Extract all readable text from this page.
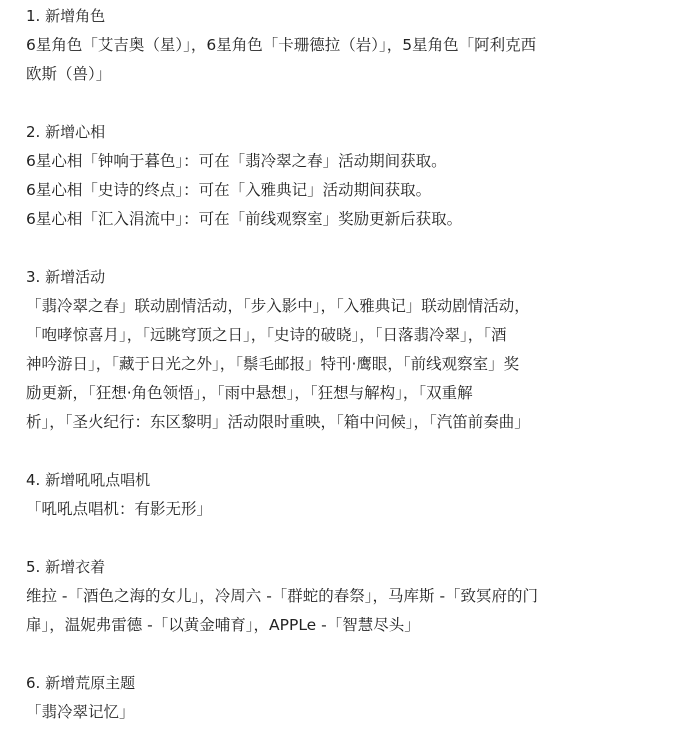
1. 新增角色
6星角色「艾吉奥（星）」，6星角色「卡珊德拉（岩）」，5星角色「阿利克西
欧斯（兽）」
2. 新增心相
6星心相「钟响于暮色」：可在「翡冷翠之春」活动期间获取。
6星心相「史诗的终点」：可在「入雅典记」活动期间获取。
6星心相「汇入涓流中」：可在「前线观察室」奖励更新后获取。
3. 新增活动
「翡冷翠之春」联动剧情活动，「步入影中」，「入雅典记」联动剧情活动，
「咆哮惊喜月」，「远眺穹顶之日」，「史诗的破晓」，「日落翡冷翠」，「酒
神吟游日」，「藏于日光之外」，「鬃毛邮报」特刊·鹰眼，「前线观察室」奖
励更新，「狂想·角色领悟」，「雨中悬想」，「狂想与解构」，「双重解
析」，「圣火纪行：东区黎明」活动限时重映，「箱中问候」，「汽笛前奏曲」
4. 新增吼吼点唱机
「吼吼点唱机：有影无形」
5. 新增衣着
维拉 -「酒色之海的女儿」，冷周六 -「群蛇的春祭」，马库斯 -「致冥府的门
扉」，温妮弗雷德 -「以黄金哺育」，APPLe -「智慧尽头」
6. 新增荒原主题
「翡冷翠记忆」
